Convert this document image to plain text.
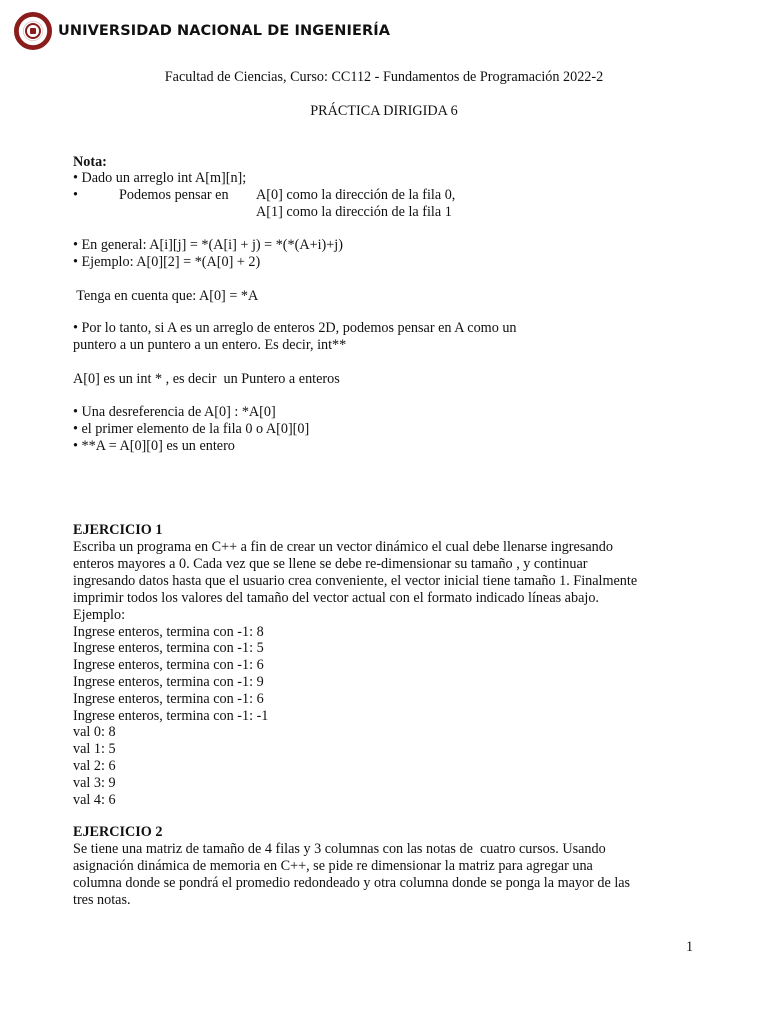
UNIVERSIDAD NACIONAL DE INGENIERÍA
Facultad de Ciencias, Curso: CC112 - Fundamentos de Programación 2022-2
PRÁCTICA DIRIGIDA 6
Nota:
• Dado un arreglo int A[m][n];
•	Podemos pensar en A[0] como la dirección de la fila 0,
A[1] como la dirección de la fila 1
• En general: A[i][j] = *(A[i] + j) = *(*(A+i)+j)
• Ejemplo: A[0][2] = *(A[0] + 2)
Tenga en cuenta que: A[0] = *A
• Por lo tanto, si A es un arreglo de enteros 2D, podemos pensar en A como un
puntero a un puntero a un entero. Es decir, int**
A[0] es un int * , es decir  un Puntero a enteros
• Una desreferencia de A[0] : *A[0]
• el primer elemento de la fila 0 o A[0][0]
• **A = A[0][0] es un entero
EJERCICIO 1
Escriba un programa en C++ a fin de crear un vector dinámico el cual debe llenarse ingresando
enteros mayores a 0. Cada vez que se llene se debe re-dimensionar su tamaño , y continuar
ingresando datos hasta que el usuario crea conveniente, el vector inicial tiene tamaño 1. Finalmente
imprimir todos los valores del tamaño del vector actual con el formato indicado líneas abajo.
Ejemplo:
Ingrese enteros, termina con -1: 8
Ingrese enteros, termina con -1: 5
Ingrese enteros, termina con -1: 6
Ingrese enteros, termina con -1: 9
Ingrese enteros, termina con -1: 6
Ingrese enteros, termina con -1: -1
val 0: 8
val 1: 5
val 2: 6
val 3: 9
val 4: 6
EJERCICIO 2
Se tiene una matriz de tamaño de 4 filas y 3 columnas con las notas de  cuatro cursos. Usando
asignación dinámica de memoria en C++, se pide re dimensionar la matriz para agregar una
columna donde se pondrá el promedio redondeado y otra columna donde se ponga la mayor de las
tres notas.
1
